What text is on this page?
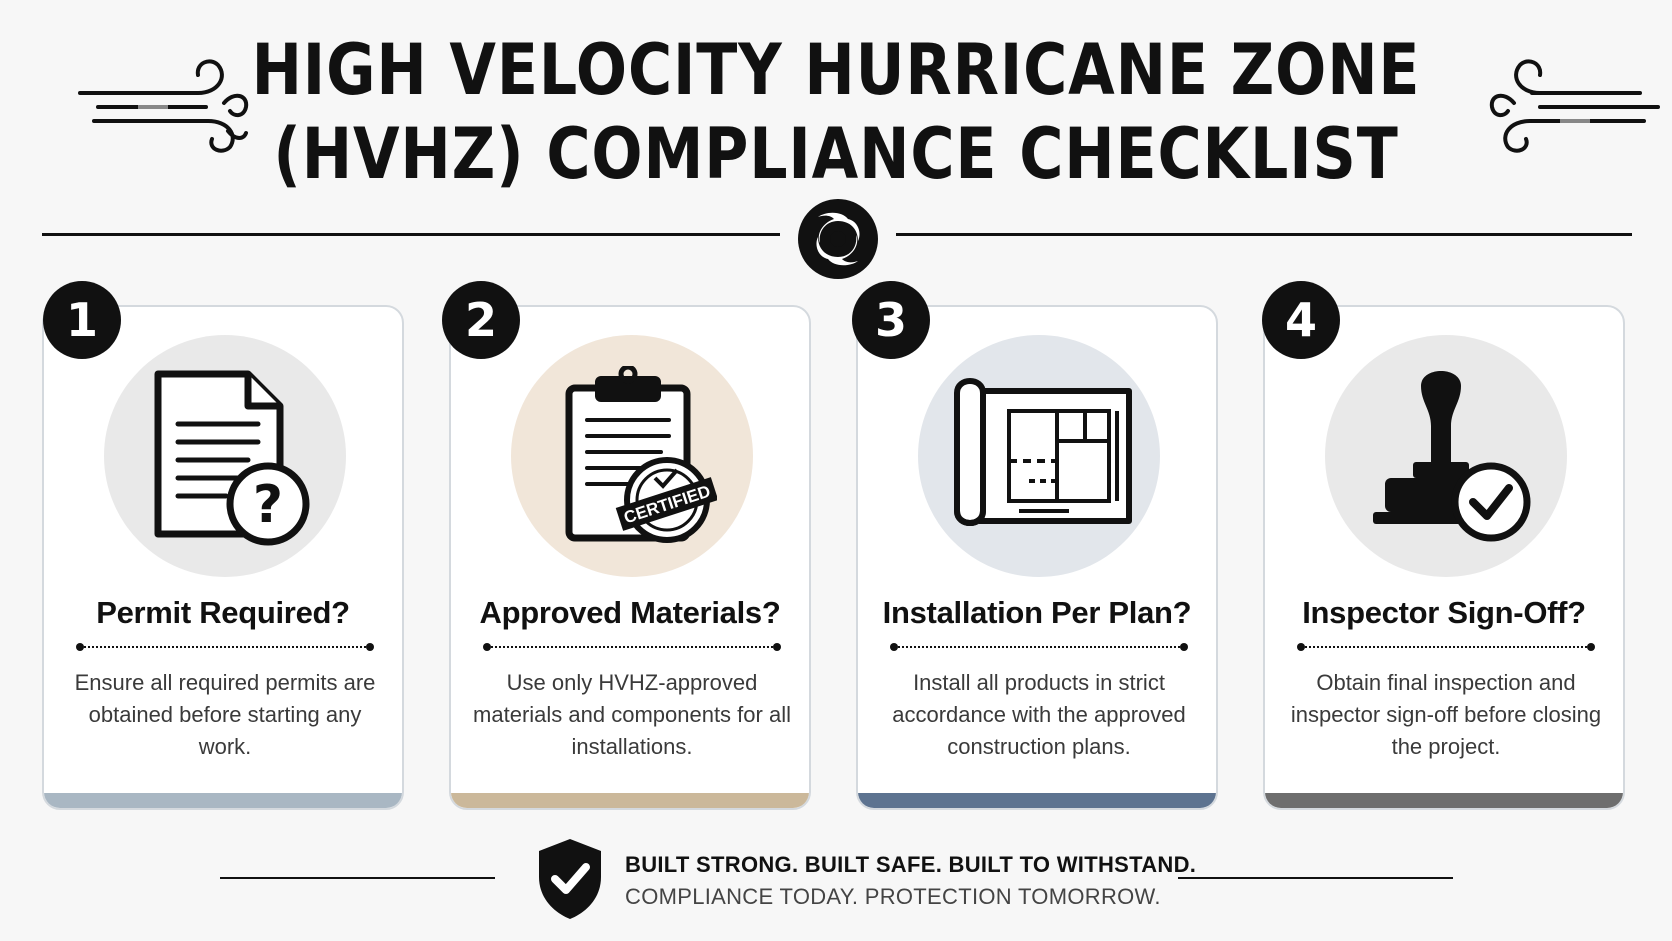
HIGH VELOCITY HURRICANE ZONE
(HVHZ) COMPLIANCE CHECKLIST
?
Permit Required?
Ensure all required permits are obtained before starting any work.
CERTIFIED
Approved Materials?
Use only HVHZ-approved materials and components for all installations.
Installation Per Plan?
Install all products in strict accordance with the approved construction plans.
Inspector Sign-Off?
Obtain final inspection and inspector sign-off before closing the project.
1	2	3	4
BUILT STRONG. BUILT SAFE. BUILT TO WITHSTAND.
COMPLIANCE TODAY. PROTECTION TOMORROW.
